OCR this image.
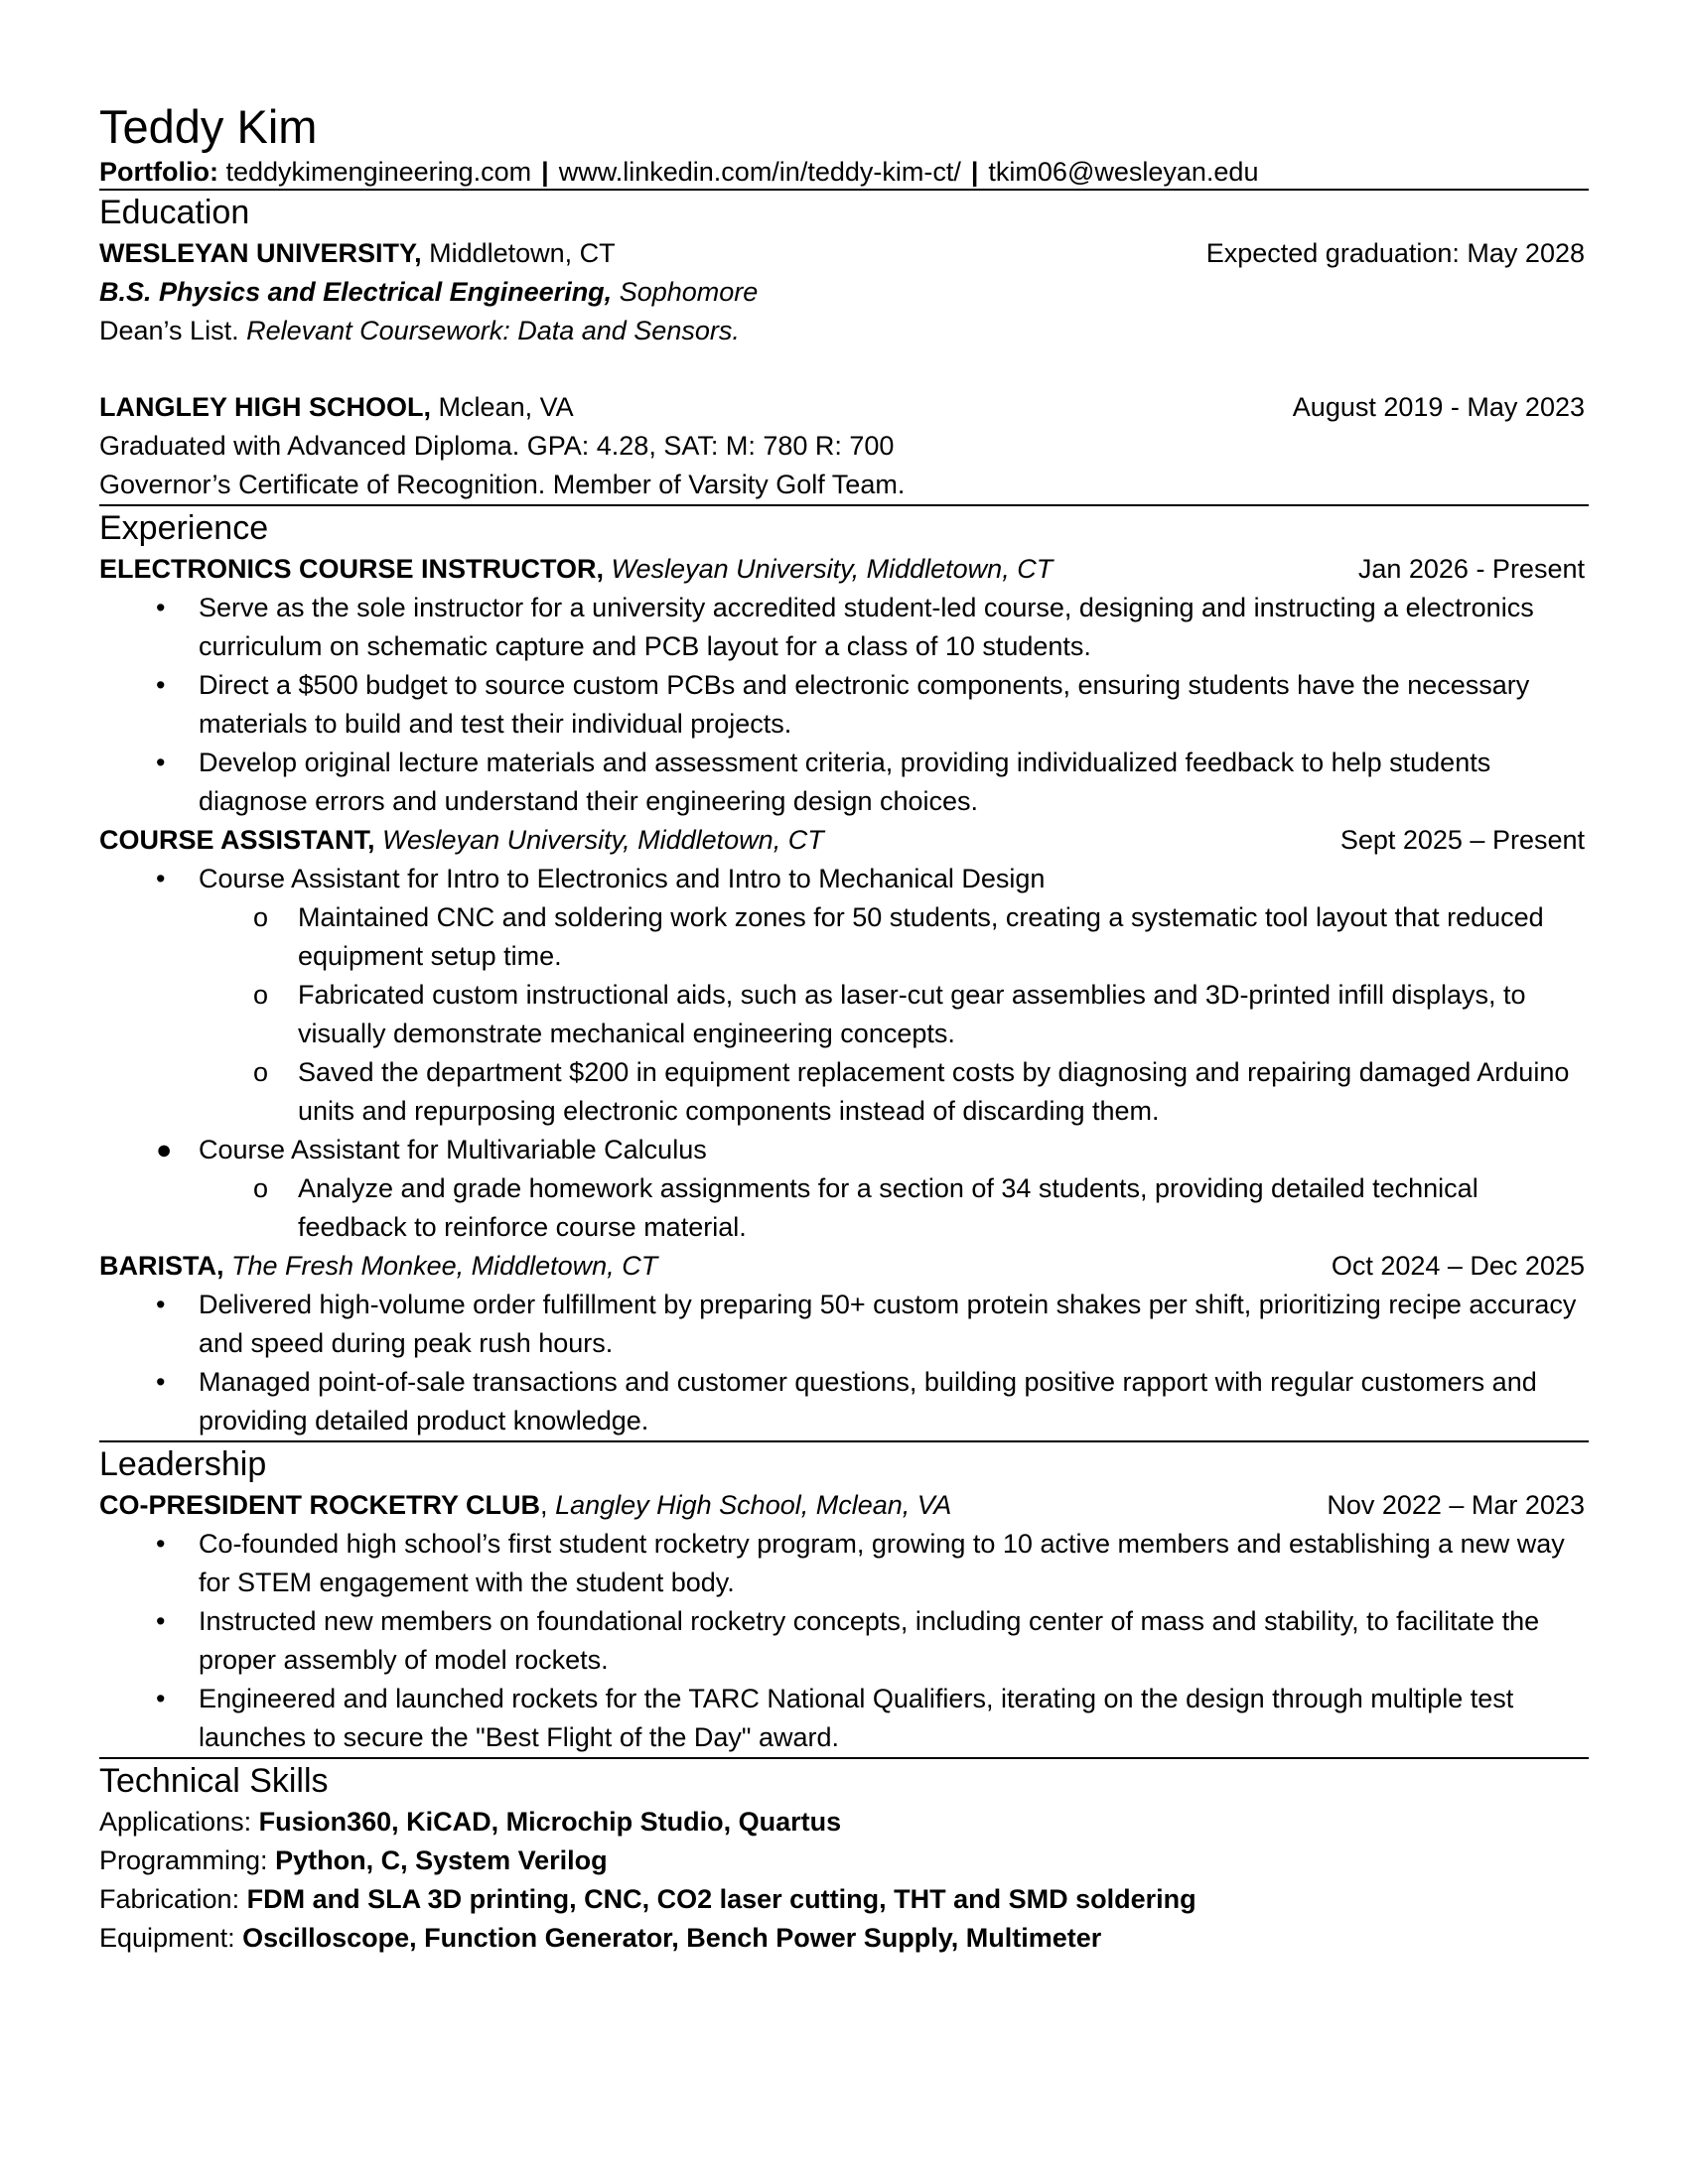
Teddy Kim
Portfolio: teddykimengineering.com | www.linkedin.com/in/teddy-kim-ct/ | tkim06@wesleyan.edu
Education
WESLEYAN UNIVERSITY, Middletown, CT	Expected graduation: May 2028
B.S. Physics and Electrical Engineering, Sophomore
Dean’s List. Relevant Coursework: Data and Sensors.
LANGLEY HIGH SCHOOL, Mclean, VA	August 2019 - May 2023
Graduated with Advanced Diploma. GPA: 4.28, SAT: M: 780 R: 700
Governor’s Certificate of Recognition. Member of Varsity Golf Team.
Experience
ELECTRONICS COURSE INSTRUCTOR, Wesleyan University, Middletown, CT	Jan 2026 - Present
• Serve as the sole instructor for a university accredited student-led course, designing and instructing a electronics curriculum on schematic capture and PCB layout for a class of 10 students.
• Direct a $500 budget to source custom PCBs and electronic components, ensuring students have the necessary materials to build and test their individual projects.
• Develop original lecture materials and assessment criteria, providing individualized feedback to help students diagnose errors and understand their engineering design choices.
COURSE ASSISTANT, Wesleyan University, Middletown, CT	Sept 2025 – Present
• Course Assistant for Intro to Electronics and Intro to Mechanical Design
o Maintained CNC and soldering work zones for 50 students, creating a systematic tool layout that reduced equipment setup time.
o Fabricated custom instructional aids, such as laser-cut gear assemblies and 3D-printed infill displays, to visually demonstrate mechanical engineering concepts.
o Saved the department $200 in equipment replacement costs by diagnosing and repairing damaged Arduino units and repurposing electronic components instead of discarding them.
● Course Assistant for Multivariable Calculus
o Analyze and grade homework assignments for a section of 34 students, providing detailed technical feedback to reinforce course material.
BARISTA, The Fresh Monkee, Middletown, CT	Oct 2024 – Dec 2025
• Delivered high-volume order fulfillment by preparing 50+ custom protein shakes per shift, prioritizing recipe accuracy and speed during peak rush hours.
• Managed point-of-sale transactions and customer questions, building positive rapport with regular customers and providing detailed product knowledge.
Leadership
CO-PRESIDENT ROCKETRY CLUB, Langley High School, Mclean, VA	Nov 2022 – Mar 2023
• Co-founded high school’s first student rocketry program, growing to 10 active members and establishing a new way for STEM engagement with the student body.
• Instructed new members on foundational rocketry concepts, including center of mass and stability, to facilitate the proper assembly of model rockets.
• Engineered and launched rockets for the TARC National Qualifiers, iterating on the design through multiple test launches to secure the "Best Flight of the Day" award.
Technical Skills
Applications: Fusion360, KiCAD, Microchip Studio, Quartus
Programming: Python, C, System Verilog
Fabrication: FDM and SLA 3D printing, CNC, CO2 laser cutting, THT and SMD soldering
Equipment: Oscilloscope, Function Generator, Bench Power Supply, Multimeter
